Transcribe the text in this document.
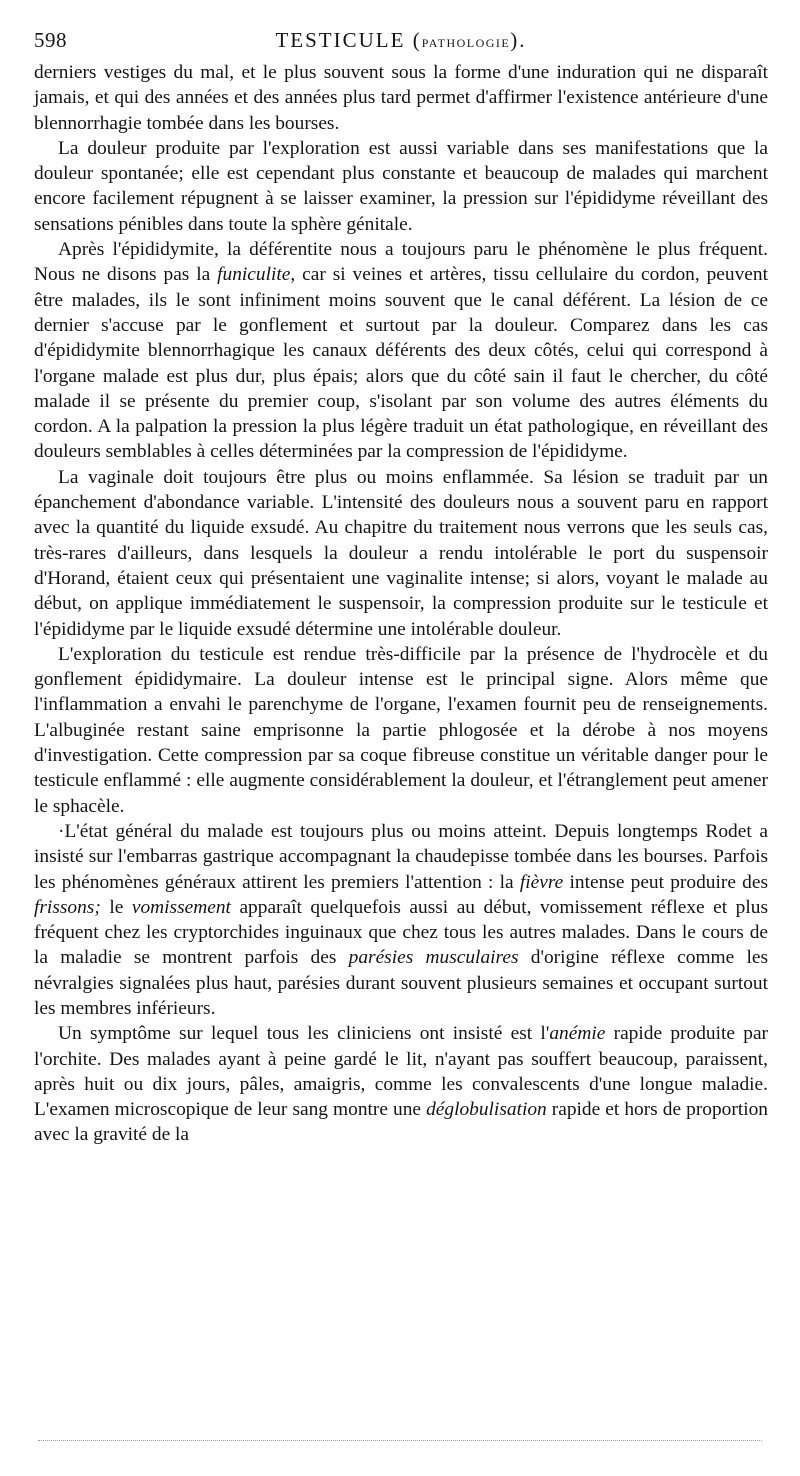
598	TESTICULE (PATHOLOGIE).

derniers vestiges du mal, et le plus souvent sous la forme d'une induration qui ne disparaît jamais, et qui des années et des années plus tard permet d'affirmer l'existence antérieure d'une blennorrhagie tombée dans les bourses.

La douleur produite par l'exploration est aussi variable dans ses manifestations que la douleur spontanée; elle est cependant plus constante et beaucoup de malades qui marchent encore facilement répugnent à se laisser examiner, la pression sur l'épididyme réveillant des sensations pénibles dans toute la sphère génitale.

Après l'épididymite, la déférentite nous a toujours paru le phénomène le plus fréquent. Nous ne disons pas la funiculite, car si veines et artères, tissu cellulaire du cordon, peuvent être malades, ils le sont infiniment moins souvent que le canal déférent. La lésion de ce dernier s'accuse par le gonflement et surtout par la douleur. Comparez dans les cas d'épididymite blennorrhagique les canaux déférents des deux côtés, celui qui correspond à l'organe malade est plus dur, plus épais; alors que du côté sain il faut le chercher, du côté malade il se présente du premier coup, s'isolant par son volume des autres éléments du cordon. A la palpation la pression la plus légère traduit un état pathologique, en réveillant des douleurs semblables à celles déterminées par la compression de l'épididyme.

La vaginale doit toujours être plus ou moins enflammée. Sa lésion se traduit par un épanchement d'abondance variable. L'intensité des douleurs nous a souvent paru en rapport avec la quantité du liquide exsudé. Au chapitre du traitement nous verrons que les seuls cas, très-rares d'ailleurs, dans lesquels la douleur a rendu intolérable le port du suspensoir d'Horand, étaient ceux qui présentaient une vaginalite intense; si alors, voyant le malade au début, on applique immédiatement le suspensoir, la compression produite sur le testicule et l'épididyme par le liquide exsudé détermine une intolérable douleur.

L'exploration du testicule est rendue très-difficile par la présence de l'hydrocèle et du gonflement épididymaire. La douleur intense est le principal signe. Alors même que l'inflammation a envahi le parenchyme de l'organe, l'examen fournit peu de renseignements. L'albuginée restant saine emprisonne la partie phlogosée et la dérobe à nos moyens d'investigation. Cette compression par sa coque fibreuse constitue un véritable danger pour le testicule enflammé : elle augmente considérablement la douleur, et l'étranglement peut amener le sphacèle.

·L'état général du malade est toujours plus ou moins atteint. Depuis longtemps Rodet a insisté sur l'embarras gastrique accompagnant la chaudepisse tombée dans les bourses. Parfois les phénomènes généraux attirent les premiers l'attention : la fièvre intense peut produire des frissons; le vomissement apparaît quelquefois aussi au début, vomissement réflexe et plus fréquent chez les cryptorchides inguinaux que chez tous les autres malades. Dans le cours de la maladie se montrent parfois des parésies musculaires d'origine réflexe comme les névralgies signalées plus haut, parésies durant souvent plusieurs semaines et occupant surtout les membres inférieurs.

Un symptôme sur lequel tous les cliniciens ont insisté est l'anémie rapide produite par l'orchite. Des malades ayant à peine gardé le lit, n'ayant pas souffert beaucoup, paraissent, après huit ou dix jours, pâles, amaigris, comme les convalescents d'une longue maladie. L'examen microscopique de leur sang montre une déglobulisation rapide et hors de proportion avec la gravité de la
